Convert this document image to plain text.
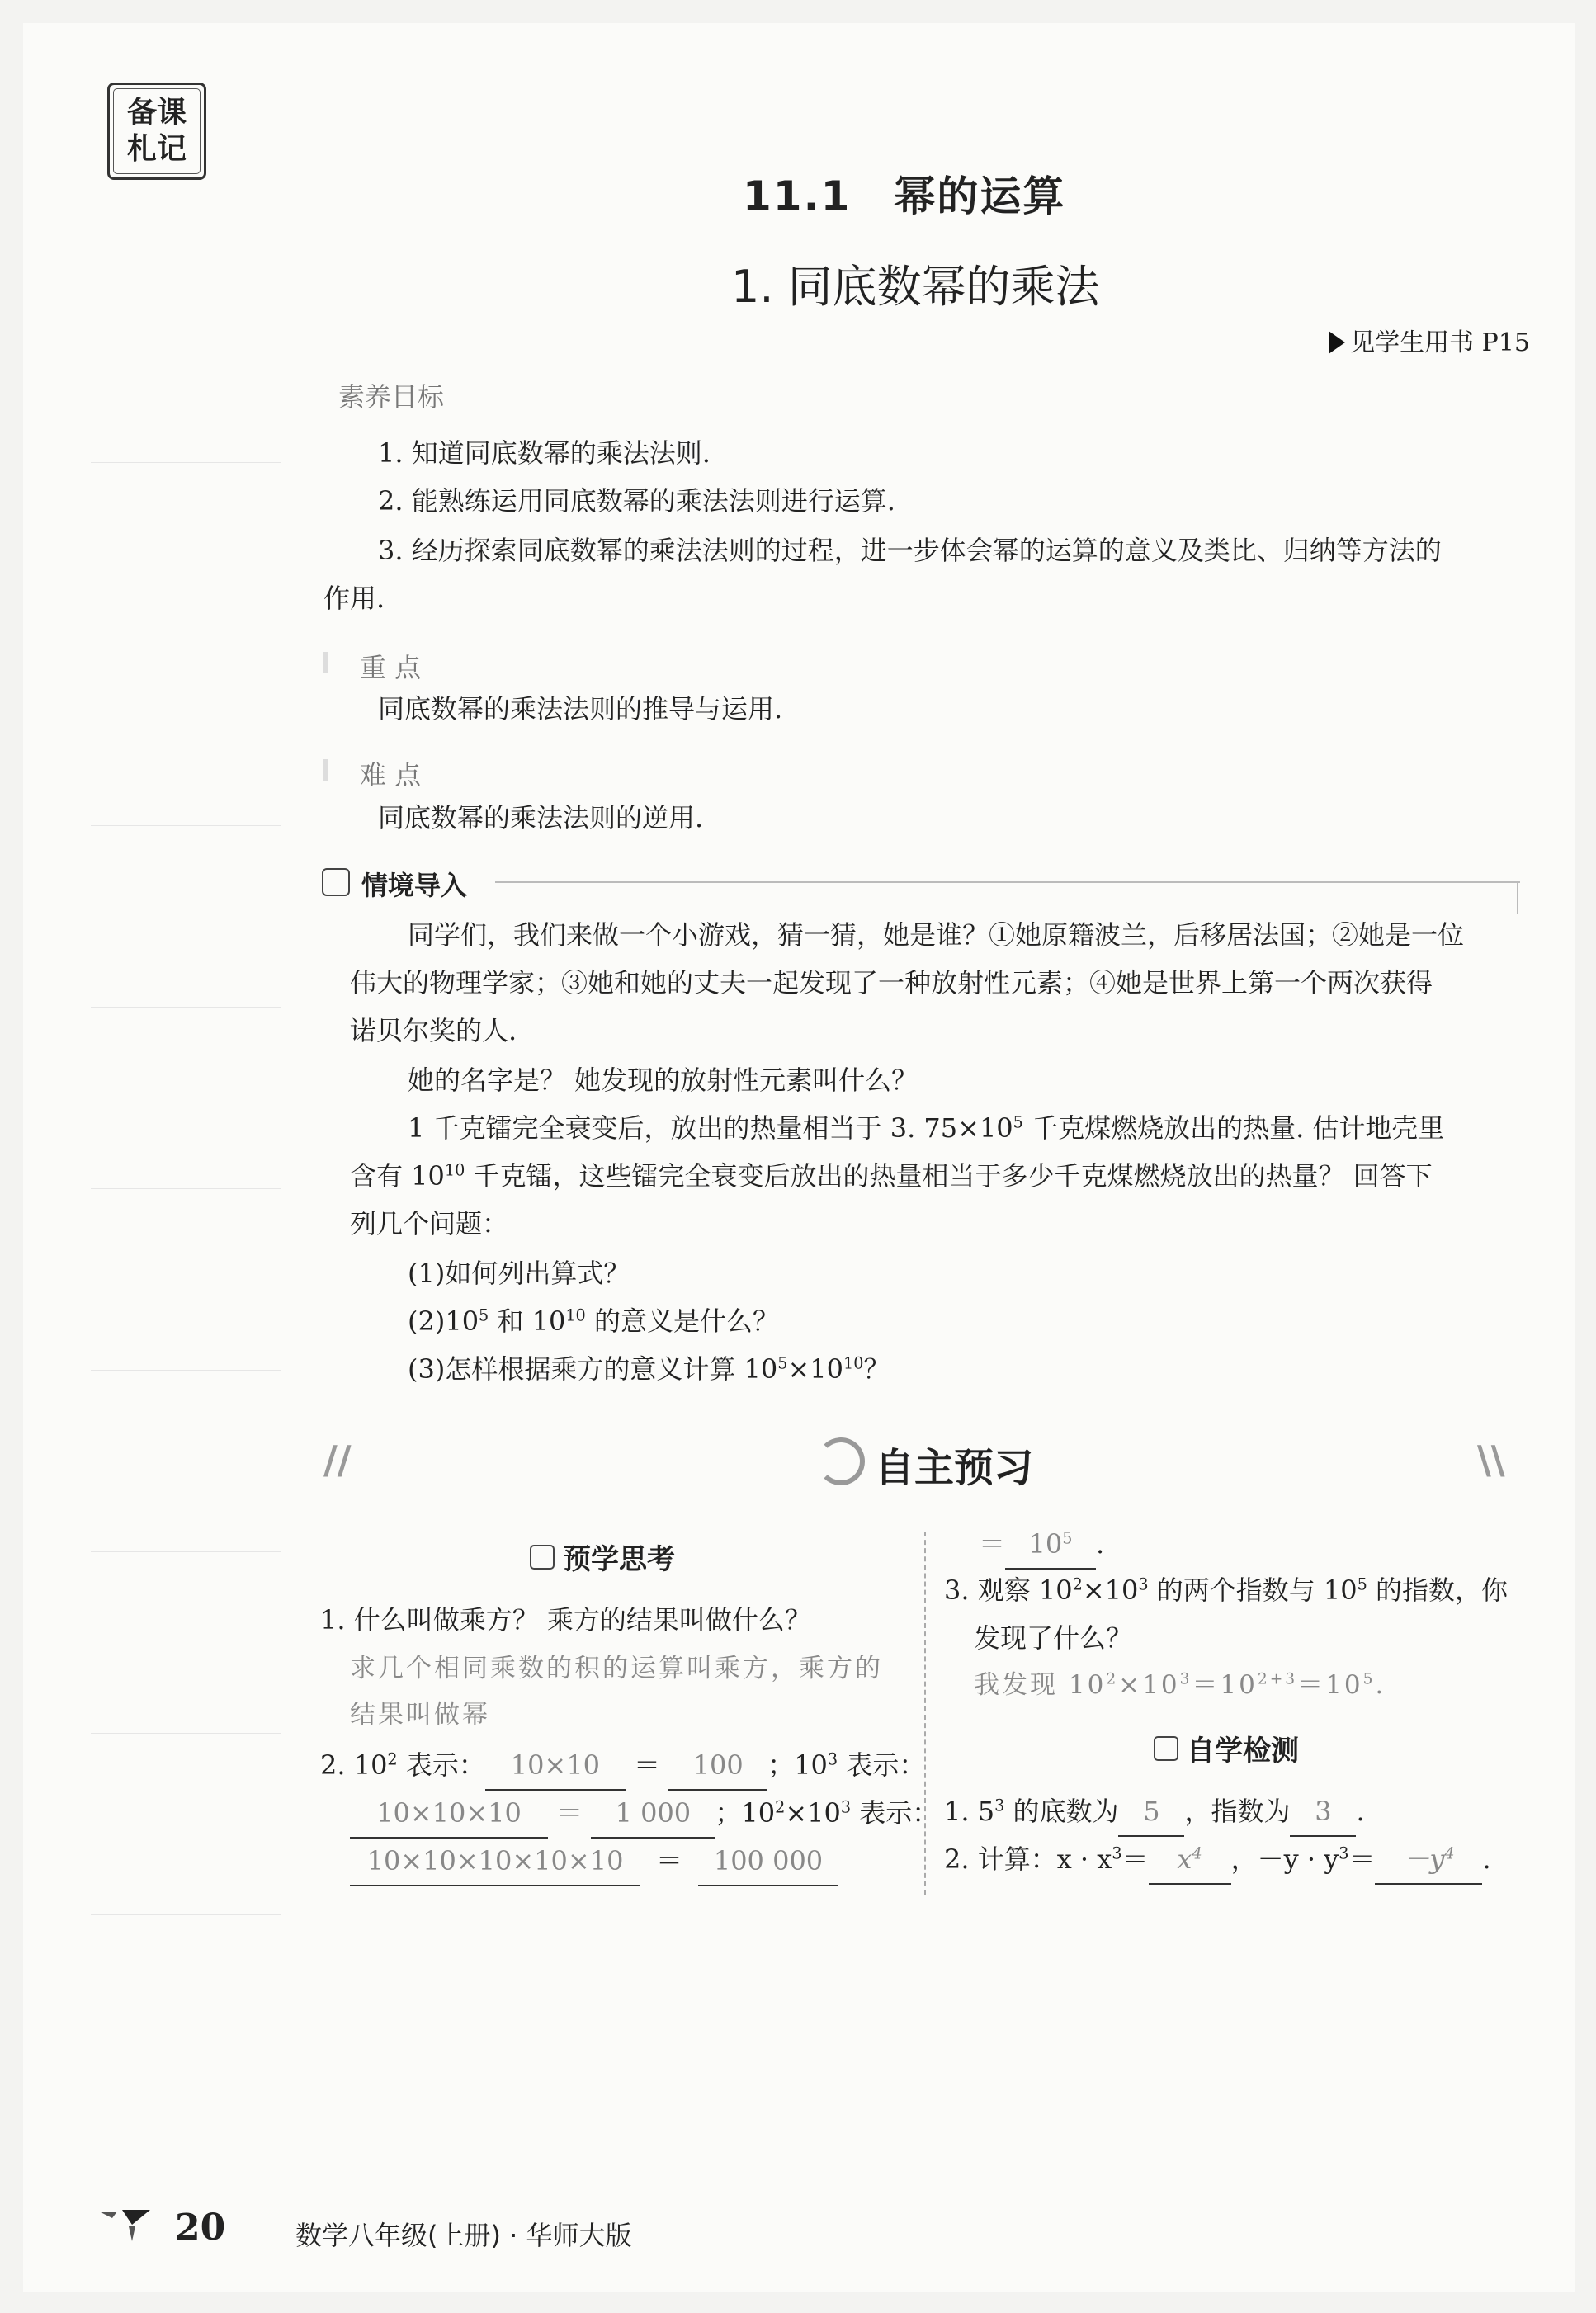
备课
札记
11.1　幂的运算
1. 同底数幂的乘法
见学生用书 P15
素养目标
1. 知道同底数幂的乘法法则.
2. 能熟练运用同底数幂的乘法法则进行运算.
3. 经历探索同底数幂的乘法法则的过程，进一步体会幂的运算的意义及类比、归纳等方法的
作用.
重 点
同底数幂的乘法法则的推导与运用.
难 点
同底数幂的乘法法则的逆用.
情境导入
同学们，我们来做一个小游戏，猜一猜，她是谁？①她原籍波兰，后移居法国；②她是一位
伟大的物理学家；③她和她的丈夫一起发现了一种放射性元素；④她是世界上第一个两次获得
诺贝尔奖的人.
她的名字是？ 她发现的放射性元素叫什么？
1 千克镭完全衰变后，放出的热量相当于 3. $75\times 10^5$ 千克煤燃烧放出的热量. 估计地壳里
含有 $10^{10}$ 千克镭，这些镭完全衰变后放出的热量相当于多少千克煤燃烧放出的热量？ 回答下
列几个问题：
(1)如何列出算式？
$(2)10^5$ 和 $10^{10}$ 的意义是什么？
(3)怎样根据乘方的意义计算 $10^5\times 10^{10}$？
//	\\
自主预习
预学思考
1. 什么叫做乘方？ 乘方的结果叫做什么？
求几个相同乘数的积的运算叫乘方，乘方的
结果叫做幂
2. $10^2$ 表示： 10×10 ＝ 100 ；$10^3$ 表示：
10×10×10 ＝ 1 000 ；$10^2\times 10^3$ 表示：
10×10×10×10×10 ＝ 100 000
＝ $10^5$ .
3. 观察 $10^2\times 10^3$ 的两个指数与 $10^5$ 的指数，你
发现了什么？
我发现 $10^2\times 10^3=10^{2+3}=10^5$.
自学检测
1. $5^3$ 的底数为 5 ，指数为 3 .
2. 计算：$x \cdot x^3= x^4$ ，$-y \cdot y^3= -y^4$ .
20	数学八年级(上册) · 华师大版
